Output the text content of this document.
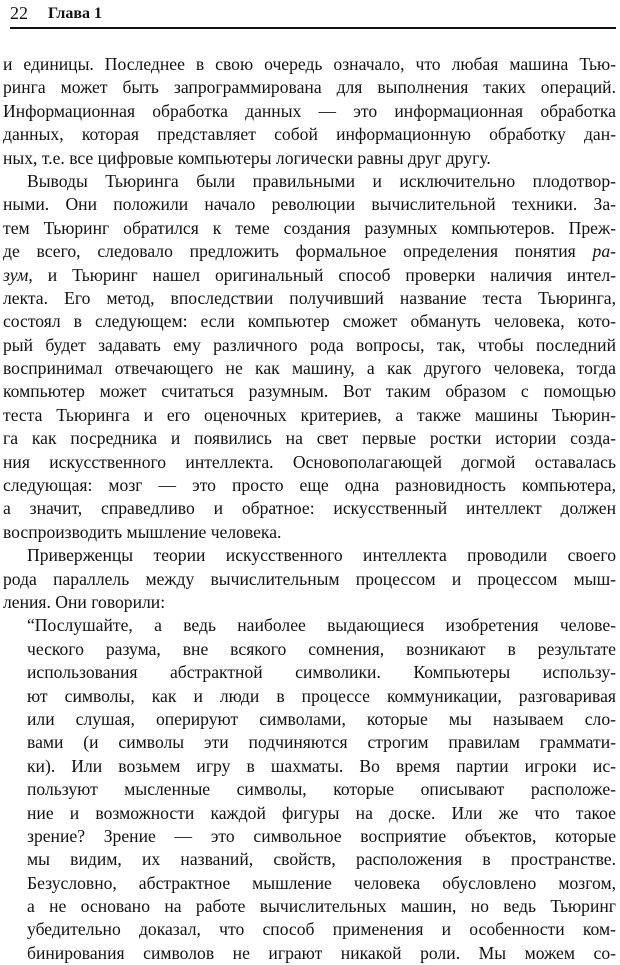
22 Глава 1
и единицы. Последнее в свою очередь означало, что любая машина Тью-
ринга может быть запрограммирована для выполнения таких операций.
Информационная обработка данных — это информационная обработка
данных, которая представляет собой информационную обработку дан-
ных, т.е. все цифровые компьютеры логически равны друг другу.
Выводы Тьюринга были правильными и исключительно плодотвор-
ными. Они положили начало революции вычислительной техники. За-
тем Тьюринг обратился к теме создания разумных компьютеров. Преж-
де всего, следовало предложить формальное определения понятия ра-
зум, и Тьюринг нашел оригинальный способ проверки наличия интел-
лекта. Его метод, впоследствии получивший название теста Тьюринга,
состоял в следующем: если компьютер сможет обмануть человека, кото-
рый будет задавать ему различного рода вопросы, так, чтобы последний
воспринимал отвечающего не как машину, а как другого человека, тогда
компьютер может считаться разумным. Вот таким образом с помощью
теста Тьюринга и его оценочных критериев, а также машины Тьюрин-
га как посредника и появились на свет первые ростки истории созда-
ния искусственного интеллекта. Основополагающей догмой оставалась
следующая: мозг — это просто еще одна разновидность компьютера,
а значит, справедливо и обратное: искусственный интеллект должен
воспроизводить мышление человека.
Приверженцы теории искусственного интеллекта проводили своего
рода параллель между вычислительным процессом и процессом мыш-
ления. Они говорили:
“Послушайте, а ведь наиболее выдающиеся изобретения челове-
ческого разума, вне всякого сомнения, возникают в результате
использования абстрактной символики. Компьютеры использу-
ют символы, как и люди в процессе коммуникации, разговаривая
или слушая, оперируют символами, которые мы называем сло-
вами (и символы эти подчиняются строгим правилам граммати-
ки). Или возьмем игру в шахматы. Во время партии игроки ис-
пользуют мысленные символы, которые описывают расположе-
ние и возможности каждой фигуры на доске. Или же что такое
зрение? Зрение — это символьное восприятие объектов, которые
мы видим, их названий, свойств, расположения в пространстве.
Безусловно, абстрактное мышление человека обусловлено мозгом,
а не основано на работе вычислительных машин, но ведь Тьюринг
убедительно доказал, что способ применения и особенности ком-
бинирования символов не играют никакой роли. Мы можем со-
